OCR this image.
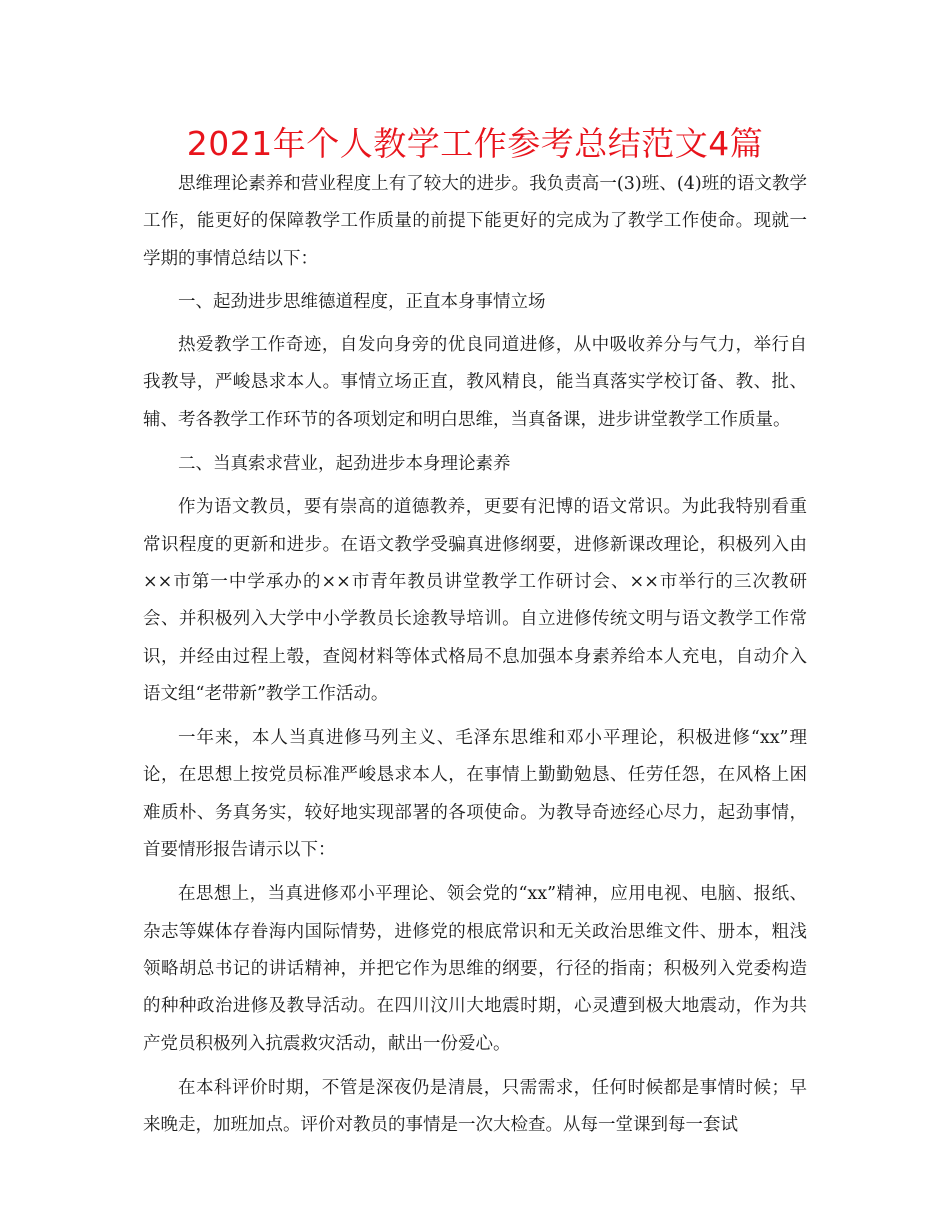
2021年个人教学工作参考总结范文4篇

思维理论素养和营业程度上有了较大的进步。我负责高一(3)班、(4)班的语文教学工作，能更好的保障教学工作质量的前提下能更好的完成为了教学工作使命。现就一学期的事情总结以下：

一、起劲进步思维德道程度，正直本身事情立场

热爱教学工作奇迹，自发向身旁的优良同道进修，从中吸收养分与气力，举行自我教导，严峻恳求本人。事情立场正直，教风精良，能当真落实学校订备、教、批、辅、考各教学工作环节的各项划定和明白思维，当真备课，进步讲堂教学工作质量。

二、当真索求营业，起劲进步本身理论素养

作为语文教员，要有崇高的道德教养，更要有汜博的语文常识。为此我特别看重常识程度的更新和进步。在语文教学受骗真进修纲要，进修新课改理论，积极列入由××市第一中学承办的××市青年教员讲堂教学工作研讨会、××市举行的三次教研会、并积极列入大学中小学教员长途教导培训。自立进修传统文明与语文教学工作常识，并经由过程上彀，查阅材料等体式格局不息加强本身素养给本人充电，自动介入语文组“老带新”教学工作活动。

一年来，本人当真进修马列主义、毛泽东思维和邓小平理论，积极进修“xx”理论，在思想上按党员标准严峻恳求本人，在事情上勤勤勉恳、任劳任怨，在风格上困难质朴、务真务实，较好地实现部署的各项使命。为教导奇迹经心尽力，起劲事情，首要情形报告请示以下：

在思想上，当真进修邓小平理论、领会党的“xx”精神，应用电视、电脑、报纸、杂志等媒体存眷海内国际情势，进修党的根底常识和无关政治思维文件、册本，粗浅领略胡总书记的讲话精神，并把它作为思维的纲要，行径的指南；积极列入党委构造的种种政治进修及教导活动。在四川汶川大地震时期，心灵遭到极大地震动，作为共产党员积极列入抗震救灾活动，献出一份爱心。

在本科评价时期，不管是深夜仍是清晨，只需需求，任何时候都是事情时候；早来晚走，加班加点。评价对教员的事情是一次大检查。从每一堂课到每一套试
